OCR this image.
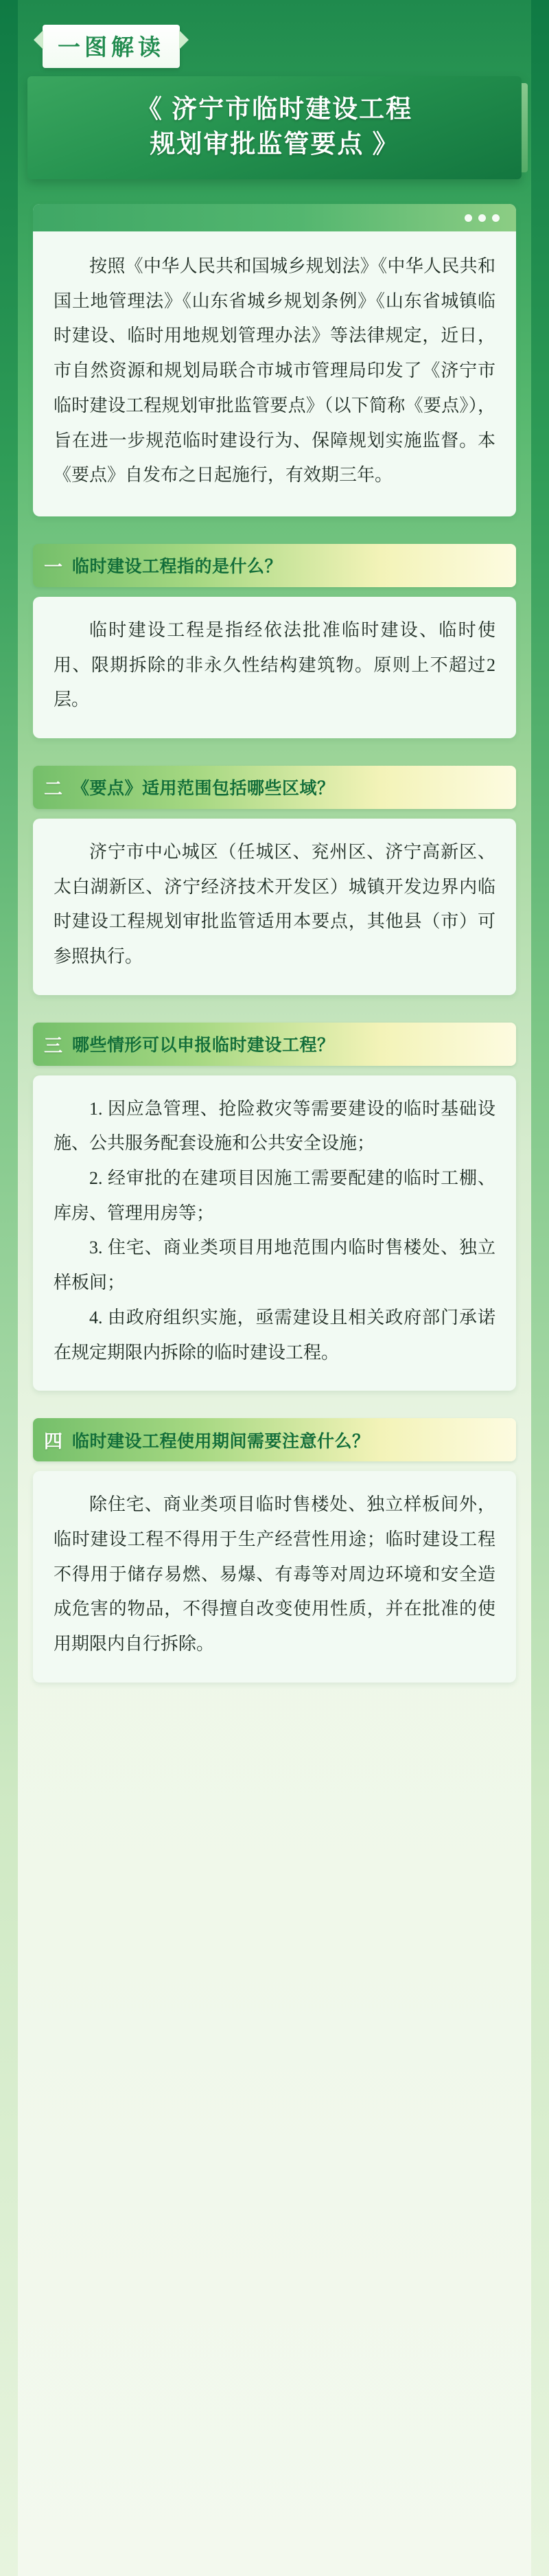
一图解读
《 济宁市临时建设工程
规划审批监管要点 》

按照《中华人民共和国城乡规划法》《中华人民共和国土地管理法》《山东省城乡规划条例》《山东省城镇临时建设、临时用地规划管理办法》等法律规定，近日，市自然资源和规划局联合市城市管理局印发了《济宁市临时建设工程规划审批监管要点》（以下简称《要点》），旨在进一步规范临时建设行为、保障规划实施监督。本《要点》自发布之日起施行，有效期三年。

一 临时建设工程指的是什么？

临时建设工程是指经依法批准临时建设、临时使用、限期拆除的非永久性结构建筑物。原则上不超过2层。

二 《要点》适用范围包括哪些区域？

济宁市中心城区（任城区、兖州区、济宁高新区、太白湖新区、济宁经济技术开发区）城镇开发边界内临时建设工程规划审批监管适用本要点，其他县（市）可参照执行。

三 哪些情形可以申报临时建设工程？

1. 因应急管理、抢险救灾等需要建设的临时基础设施、公共服务配套设施和公共安全设施；

2. 经审批的在建项目因施工需要配建的临时工棚、库房、管理用房等；

3. 住宅、商业类项目用地范围内临时售楼处、独立样板间；

4. 由政府组织实施，亟需建设且相关政府部门承诺在规定期限内拆除的临时建设工程。

四 临时建设工程使用期间需要注意什么？

除住宅、商业类项目临时售楼处、独立样板间外，临时建设工程不得用于生产经营性用途；临时建设工程不得用于储存易燃、易爆、有毒等对周边环境和安全造成危害的物品，不得擅自改变使用性质，并在批准的使用期限内自行拆除。
